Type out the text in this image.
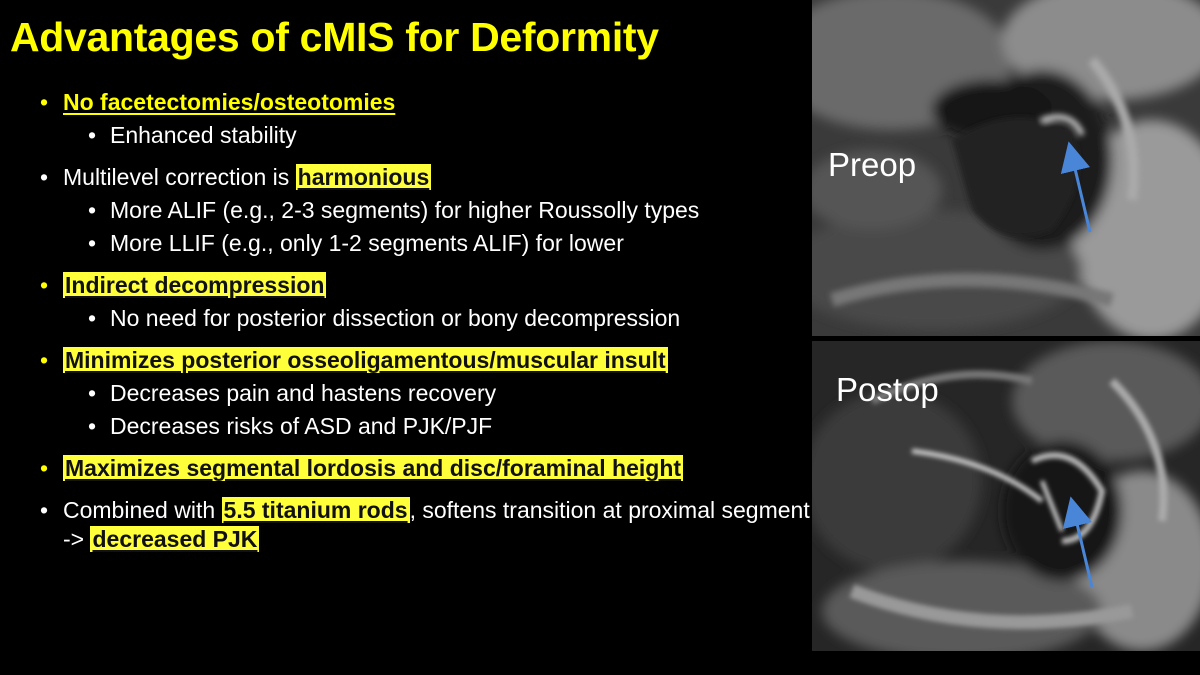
Advantages of cMIS for Deformity
• No facetectomies/osteotomies
• Enhanced stability
• Multilevel correction is harmonious
• More ALIF (e.g., 2-3 segments) for higher Roussolly types
• More LLIF (e.g., only 1-2 segments ALIF) for lower
• Indirect decompression
• No need for posterior dissection or bony decompression
• Minimizes posterior osseoligamentous/muscular insult
• Decreases pain and hastens recovery
• Decreases risks of ASD and PJK/PJF
• Maximizes segmental lordosis and disc/foraminal height
• Combined with 5.5 titanium rods, softens transition at proximal segment -> decreased PJK
Preop
Postop
